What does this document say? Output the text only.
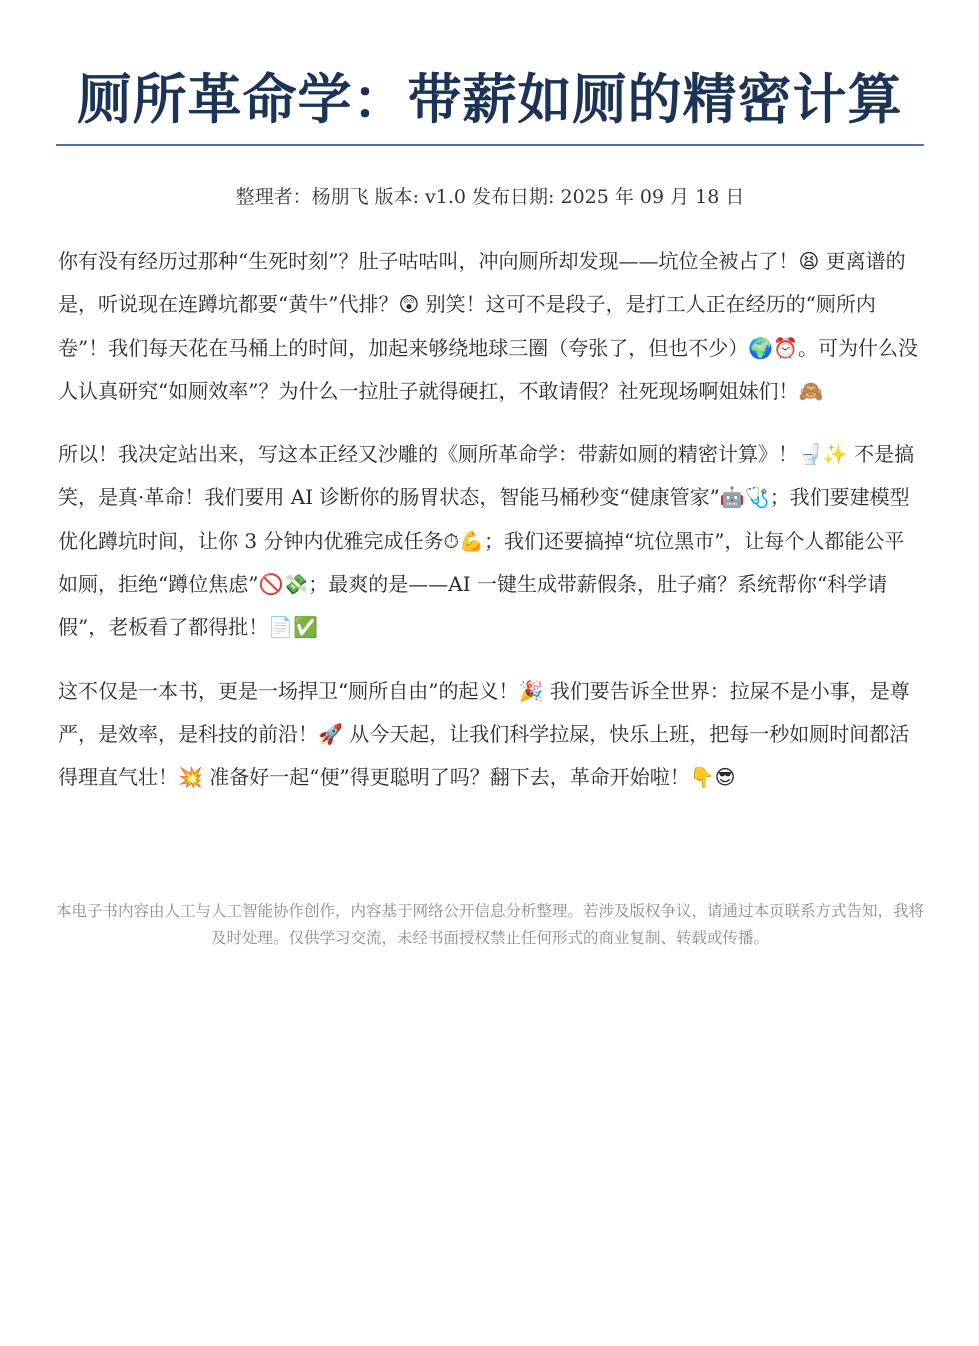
厕所革命学：带薪如厕的精密计算
整理者：杨朋飞 版本: v1.0 发布日期: 2025 年 09 月 18 日

你有没有经历过那种“生死时刻”？肚子咕咕叫，冲向厕所却发现——坑位全被占了！😫 更离谱的是，听说现在连蹲坑都要“黄牛”代排？😲 别笑！这可不是段子，是打工人正在经历的“厕所内卷”！我们每天花在马桶上的时间，加起来够绕地球三圈（夸张了，但也不少）🌍⏰。可为什么没人认真研究“如厕效率”？为什么一拉肚子就得硬扛，不敢请假？社死现场啊姐妹们！🙈

所以！我决定站出来，写这本正经又沙雕的《厕所革命学：带薪如厕的精密计算》！🚽✨ 不是搞笑，是真·革命！我们要用 AI 诊断你的肠胃状态，智能马桶秒变“健康管家”🤖🩺；我们要建模型优化蹲坑时间，让你 3 分钟内优雅完成任务⏱💪；我们还要搞掉“坑位黑市”，让每个人都能公平如厕，拒绝“蹲位焦虑”🚫💸；最爽的是——AI 一键生成带薪假条，肚子痛？系统帮你“科学请假”，老板看了都得批！📄✅

这不仅是一本书，更是一场捍卫“厕所自由”的起义！🎉 我们要告诉全世界：拉屎不是小事，是尊严，是效率，是科技的前沿！🚀 从今天起，让我们科学拉屎，快乐上班，把每一秒如厕时间都活得理直气壮！💥 准备好一起“便”得更聪明了吗？翻下去，革命开始啦！👇😎

本电子书内容由人工与人工智能协作创作，内容基于网络公开信息分析整理。若涉及版权争议，请通过本页联系方式告知，我将及时处理。仅供学习交流，未经书面授权禁止任何形式的商业复制、转载或传播。
